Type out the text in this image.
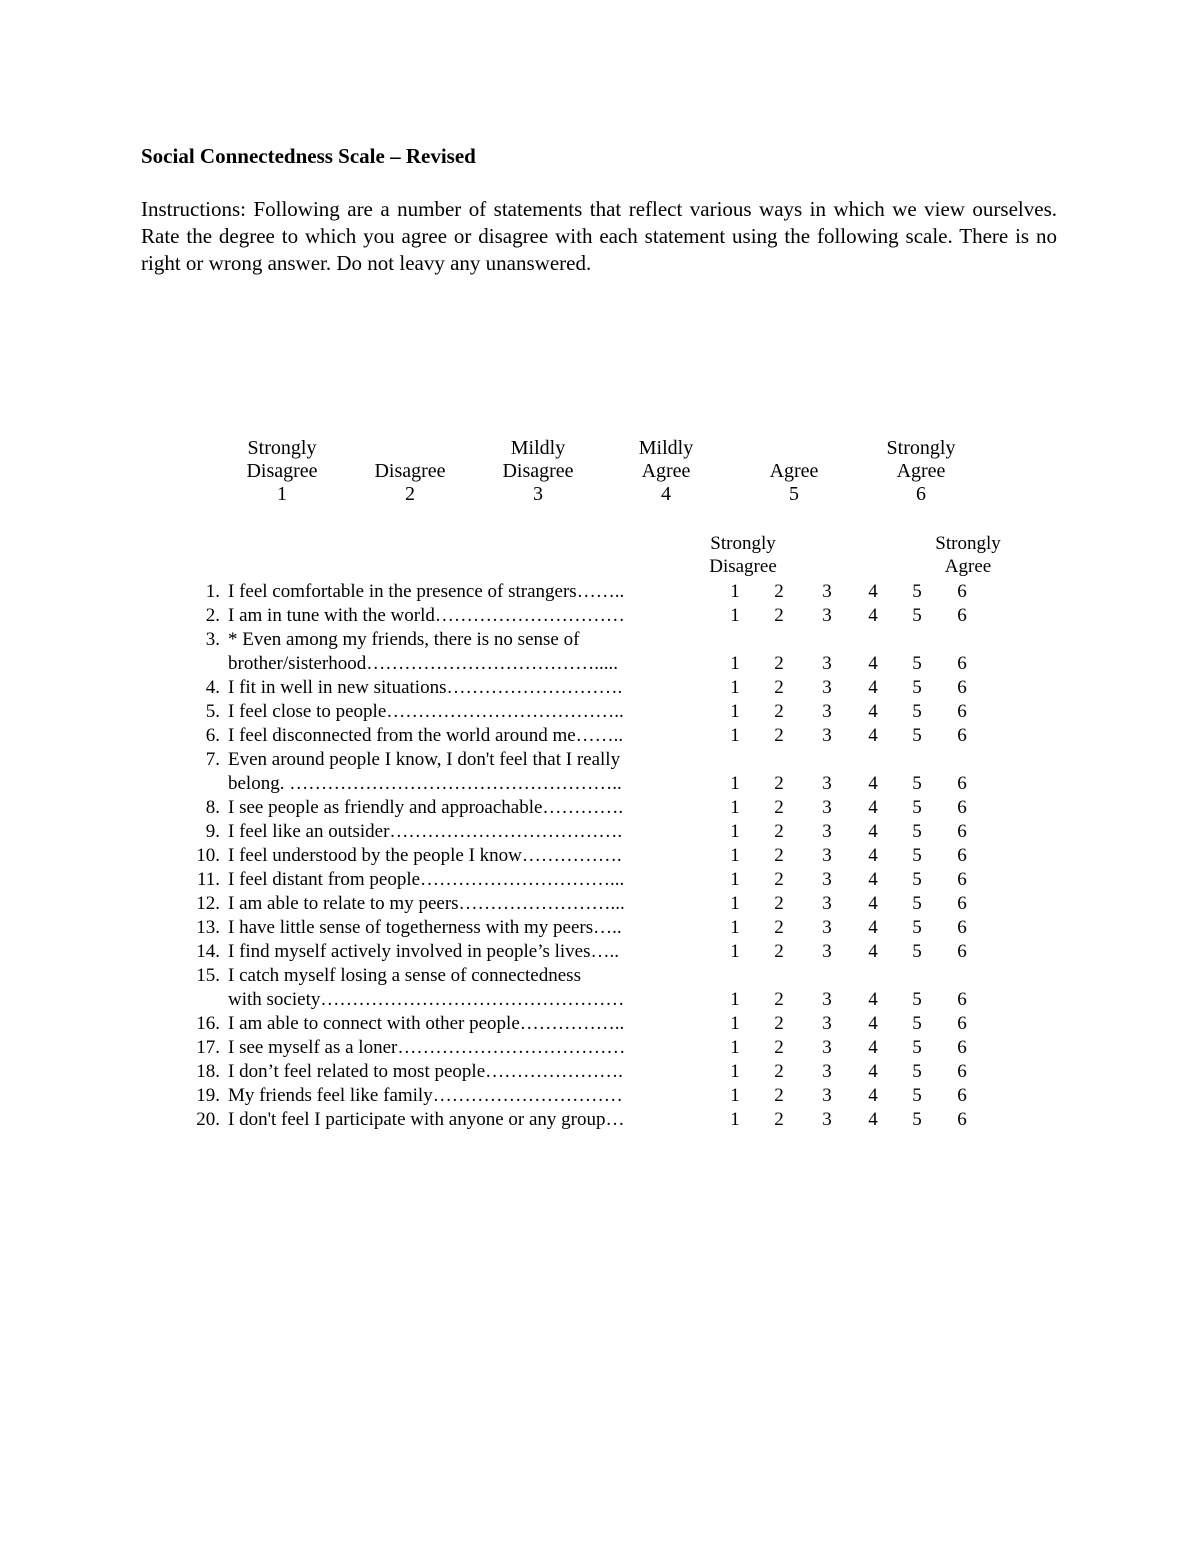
Social Connectedness Scale – Revised

Instructions: Following are a number of statements that reflect various ways in which we view ourselves. Rate the degree to which you agree or disagree with each statement using the following scale. There is no right or wrong answer. Do not leavy any unanswered.

Strongly
Disagree
1
Disagree
2
Mildly
Disagree
3
Mildly
Agree
4
Agree
5
Strongly
Agree
6
Strongly
Disagree
Strongly
Agree
1. I feel comfortable in the presence of strangers……..	1 2 3 4 5 6
2. I am in tune with the world…………………………	1 2 3 4 5 6
3. * Even among my friends, there is no sense of
brother/sisterhood……………………………….....	1 2 3 4 5 6
4. I fit in well in new situations……………………….	1 2 3 4 5 6
5. I feel close to people………………………………..	1 2 3 4 5 6
6. I feel disconnected from the world around me……..	1 2 3 4 5 6
7. Even around people I know, I don't feel that I really
belong. ……………………………………………..	1 2 3 4 5 6
8. I see people as friendly and approachable………….	1 2 3 4 5 6
9. I feel like an outsider……………………………….	1 2 3 4 5 6
10. I feel understood by the people I know…………….	1 2 3 4 5 6
11. I feel distant from people…………………………...	1 2 3 4 5 6
12. I am able to relate to my peers……………………...	1 2 3 4 5 6
13. I have little sense of togetherness with my peers…..	1 2 3 4 5 6
14. I find myself actively involved in people’s lives…..	1 2 3 4 5 6
15. I catch myself losing a sense of connectedness
with society…………………………………………	1 2 3 4 5 6
16. I am able to connect with other people……………..	1 2 3 4 5 6
17. I see myself as a loner………………………………	1 2 3 4 5 6
18. I don’t feel related to most people………………….	1 2 3 4 5 6
19. My friends feel like family…………………………	1 2 3 4 5 6
20. I don't feel I participate with anyone or any group…	1 2 3 4 5 6
